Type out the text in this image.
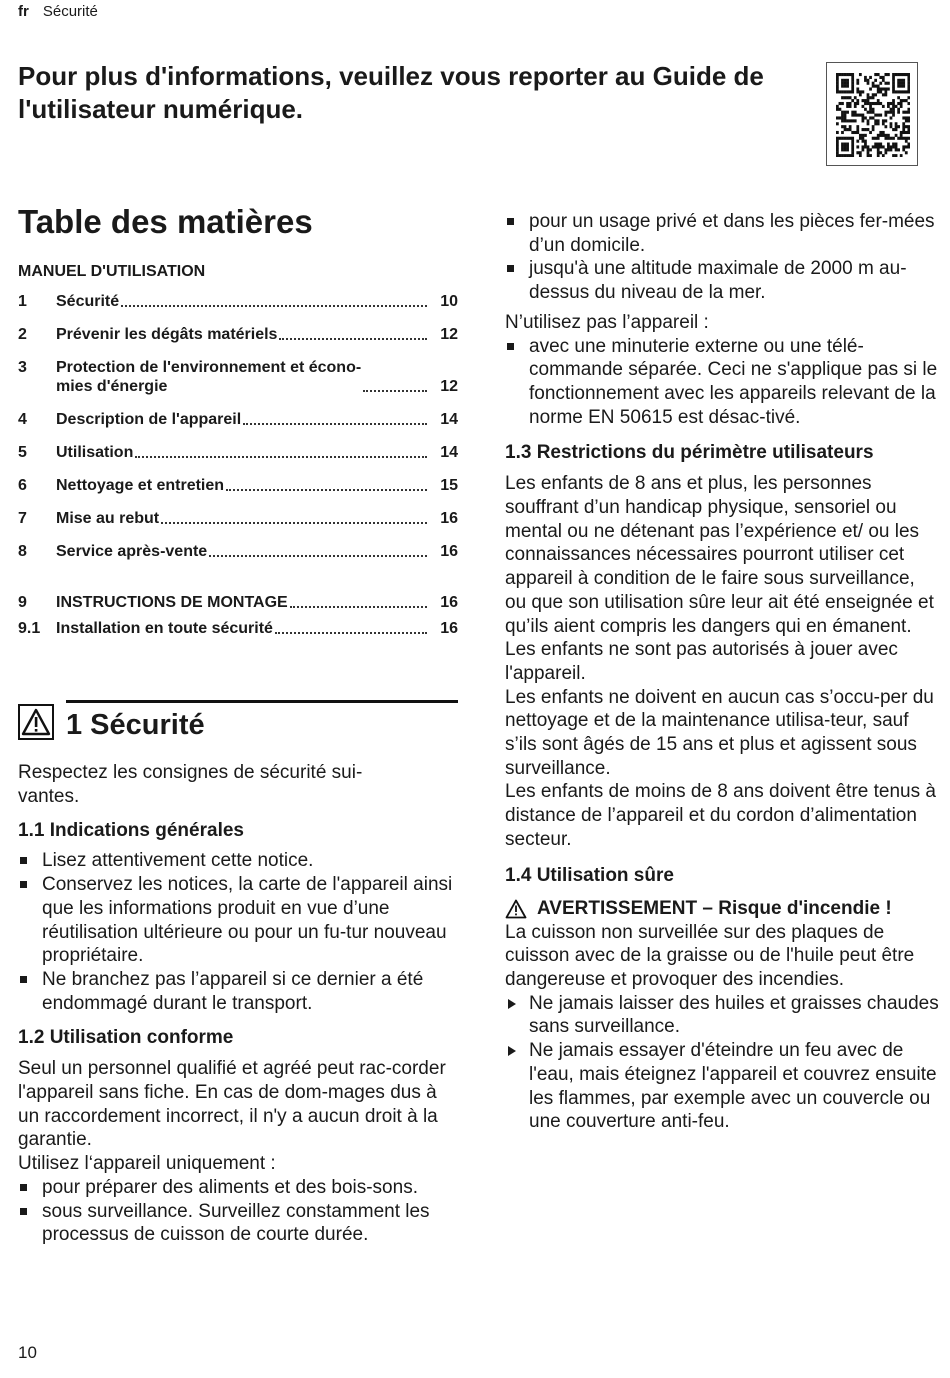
fr Sécurité

Pour plus d'informations, veuillez vous reporter au Guide de l'utilisateur numérique.

Table des matières

MANUEL D'UTILISATION

1	Sécurité	10
2	Prévenir les dégâts matériels	12
3	Protection de l'environnement et écono-
mies d'énergie	12
4	Description de l'appareil	14
5	Utilisation	14
6	Nettoyage et entretien	15
7	Mise au rebut	16
8	Service après-vente	16
9	INSTRUCTIONS DE MONTAGE	16
9.1 Installation en toute sécurité	16
1 Sécurité

Respectez les consignes de sécurité sui-
vantes.

1.1 Indications générales
Lisez attentivement cette notice.
Conservez les notices, la carte de l'appareil ainsi que les informations produit en vue d’une réutilisation ultérieure ou pour un fu-tur nouveau propriétaire.
Ne branchez pas l’appareil si ce dernier a été endommagé durant le transport.
1.2 Utilisation conforme

Seul un personnel qualifié et agréé peut rac-corder l'appareil sans fiche. En cas de dom-mages dus à un raccordement incorrect, il n'y a aucun droit à la garantie.

Utilisez l‘appareil uniquement :

pour préparer des aliments et des bois-sons.
sous surveillance. Surveillez constamment les processus de cuisson de courte durée.
pour un usage privé et dans les pièces fer-mées d’un domicile.
jusqu'à une altitude maximale de 2000 m au-dessus du niveau de la mer.

N’utilisez pas l’appareil :

avec une minuterie externe ou une télé-commande séparée. Ceci ne s'applique pas si le fonctionnement avec les appareils relevant de la norme EN 50615 est désac-tivé.
1.3 Restrictions du périmètre utilisateurs

Les enfants de 8 ans et plus, les personnes souffrant d’un handicap physique, sensoriel ou mental ou ne détenant pas l’expérience et/ ou les connaissances nécessaires pourront utiliser cet appareil à condition de le faire sous surveillance, ou que son utilisation sûre leur ait été enseignée et qu’ils aient compris les dangers qui en émanent.

Les enfants ne sont pas autorisés à jouer avec l'appareil.

Les enfants ne doivent en aucun cas s’occu-per du nettoyage et de la maintenance utilisa-teur, sauf s’ils sont âgés de 15 ans et plus et agissent sous surveillance.

Les enfants de moins de 8 ans doivent être tenus à distance de l’appareil et du cordon d’alimentation secteur.

1.4 Utilisation sûre
AVERTISSEMENT – Risque d'incendie !

La cuisson non surveillée sur des plaques de cuisson avec de la graisse ou de l'huile peut être dangereuse et provoquer des incendies.

Ne jamais laisser des huiles et graisses chaudes sans surveillance.
Ne jamais essayer d'éteindre un feu avec de l'eau, mais éteignez l'appareil et couvrez ensuite les flammes, par exemple avec un couvercle ou une couverture anti-feu.
10
